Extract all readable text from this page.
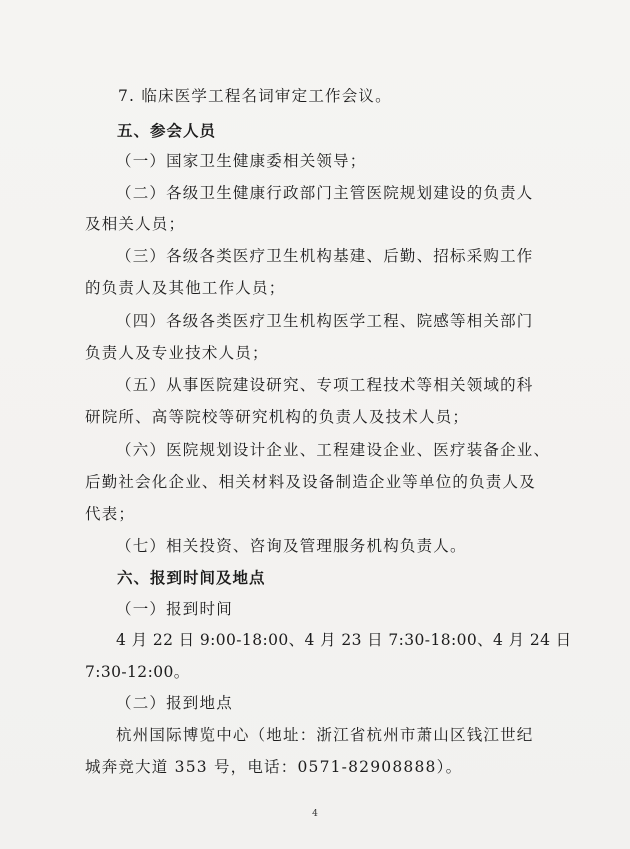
7. 临床医学工程名词审定工作会议。
五、参会人员
（一）国家卫生健康委相关领导；
（二）各级卫生健康行政部门主管医院规划建设的负责人
及相关人员；
（三）各级各类医疗卫生机构基建、后勤、招标采购工作
的负责人及其他工作人员；
（四）各级各类医疗卫生机构医学工程、院感等相关部门
负责人及专业技术人员；
（五）从事医院建设研究、专项工程技术等相关领域的科
研院所、高等院校等研究机构的负责人及技术人员；
（六）医院规划设计企业、工程建设企业、医疗装备企业、
后勤社会化企业、相关材料及设备制造企业等单位的负责人及
代表；
（七）相关投资、咨询及管理服务机构负责人。
六、报到时间及地点
（一）报到时间
4 月 22 日 9:00-18:00、4 月 23 日 7:30-18:00、4 月 24 日
7:30-12:00。
（二）报到地点
杭州国际博览中心（地址：浙江省杭州市萧山区钱江世纪
城奔竞大道 353 号，电话：0571-82908888）。
4
